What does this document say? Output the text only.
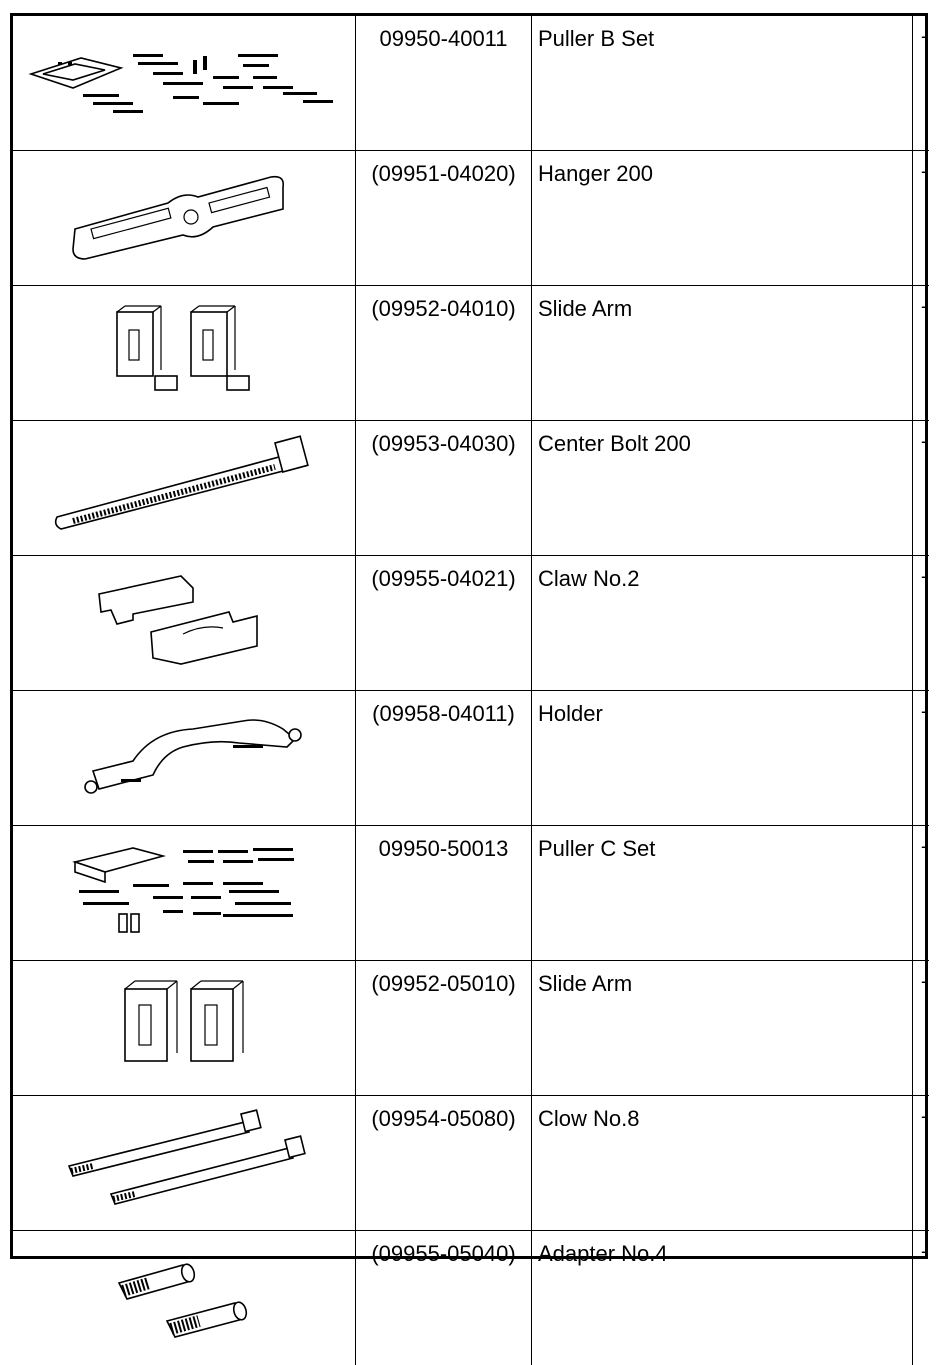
	09950-40011	Puller B Set	-

	(09951-04020)	Hanger 200	-

	(09952-04010)	Slide Arm	-

	(09953-04030)	Center Bolt 200	-

	(09955-04021)	Claw No.2	-

	(09958-04011)	Holder	-

	09950-50013	Puller C Set	-

	(09952-05010)	Slide Arm	-

	(09954-05080)	Clow No.8	-

	(09955-05040)	Adapter No.4	-
